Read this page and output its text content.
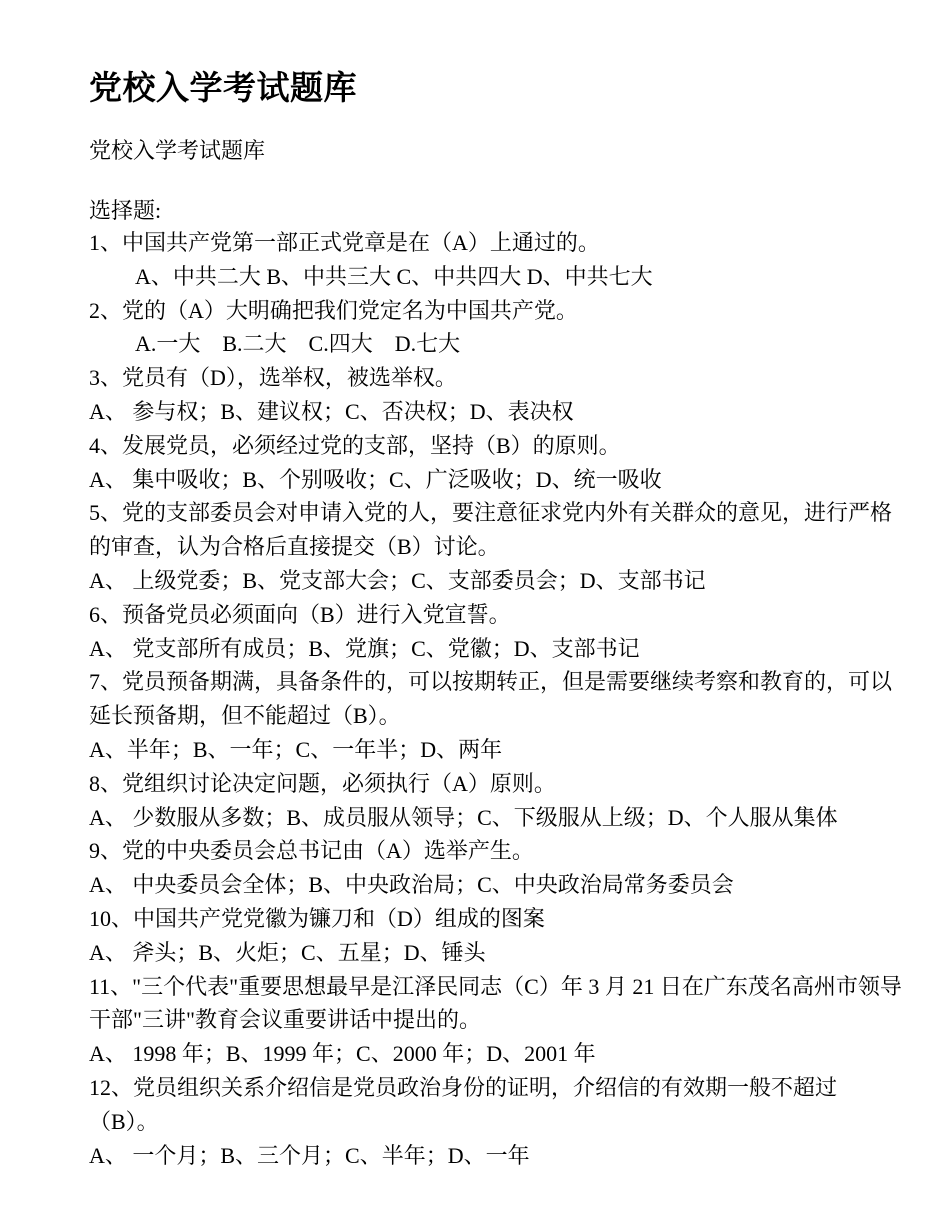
党校入学考试题库

党校入学考试题库

选择题:

1、中国共产党第一部正式党章是在（A）上通过的。

A、中共二大 B、中共三大 C、中共四大 D、中共七大

2、党的（A）大明确把我们党定名为中国共产党。

A.一大    B.二大    C.四大    D.七大

3、党员有（D），选举权，被选举权。

A、 参与权；B、建议权；C、否决权；D、表决权

4、发展党员，必须经过党的支部，坚持（B）的原则。

A、 集中吸收；B、个别吸收；C、广泛吸收；D、统一吸收

5、党的支部委员会对申请入党的人，要注意征求党内外有关群众的意见，进行严格的审查，认为合格后直接提交（B）讨论。

A、 上级党委；B、党支部大会；C、支部委员会；D、支部书记

6、预备党员必须面向（B）进行入党宣誓。

A、 党支部所有成员；B、党旗；C、党徽；D、支部书记

7、党员预备期满，具备条件的，可以按期转正，但是需要继续考察和教育的，可以延长预备期，但不能超过（B）。

A、半年；B、一年；C、一年半；D、两年

8、党组织讨论决定问题，必须执行（A）原则。

A、 少数服从多数；B、成员服从领导；C、下级服从上级；D、个人服从集体

9、党的中央委员会总书记由（A）选举产生。

A、 中央委员会全体；B、中央政治局；C、中央政治局常务委员会

10、中国共产党党徽为镰刀和（D）组成的图案

A、 斧头；B、火炬；C、五星；D、锤头

11、"三个代表"重要思想最早是江泽民同志（C）年 3 月 21 日在广东茂名高州市领导干部"三讲"教育会议重要讲话中提出的。

A、 1998 年；B、1999 年；C、2000 年；D、2001 年

12、党员组织关系介绍信是党员政治身份的证明，介绍信的有效期一般不超过（B）。

A、 一个月；B、三个月；C、半年；D、一年
